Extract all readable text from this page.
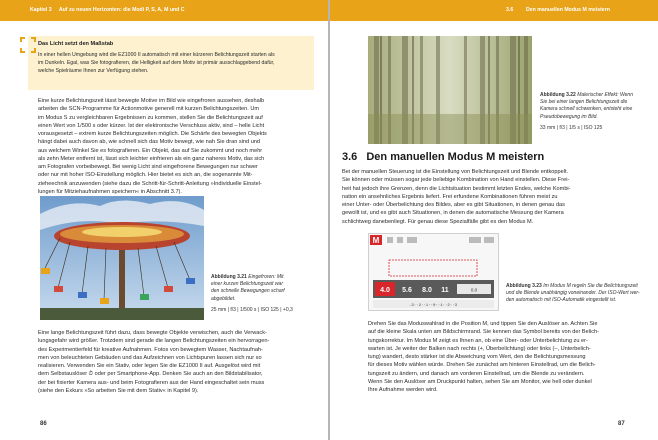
Kapitel 3 Auf zu neuen Horizonten: die Modi P, S, A, M und C
Das Licht setzt den Maßstab
In einer hellen Umgebung wird die EZ1000 II automatisch mit einer kürzeren Belichtungszeit starten als
im Dunkeln. Egal, was Sie fotografieren, die Helligkeit auf dem Motiv ist primär ausschlaggebend dafür,
welche Spielräume Ihnen zur Verfügung stehen.

Eine kurze Belichtungszeit lässt bewegte Motive im Bild wie eingefroren aussehen, deshalb

arbeiten die SCN-Programme für Actionmotive generell mit kurzen Belichtungszeiten. Um

im Modus S zu vergleichbaren Ergebnissen zu kommen, stellen Sie die Belichtungszeit auf

einen Wert von 1/500 s oder kürzer. Ist der elektronische Verschluss aktiv, sind – helle Licht

vorausgesetzt – extrem kurze Belichtungszeiten möglich. Die Schärfe des bewegten Objekts

hängt dabei auch davon ab, wie schnell sich das Motiv bewegt, wie nah Sie dran sind und

aus welchem Winkel Sie es fotografieren. Ein Objekt, das auf Sie zukommt und noch mehr

als zehn Meter entfernt ist, lässt sich leichter einfrieren als ein ganz naheres Motiv, das sich

am Fotografen vorbeibewegt. Bei wenig Licht sind eingefrorene Bewegungen nur schwer

oder nur mit hoher ISO-Einstellung möglich. Hier bietet es sich an, die sogenannte Mit-

zieheechnik anzuwenden (siehe dazu die Schritt-für-Schritt-Anleitung »Individuelle Einstel-

lungen für Mitziehaufnahmen speichern« in Abschnitt 3.7).

Abbildung 3.21 Eingefroren: Mit
einer kurzen Belichtungszeit war
den schnelle Bewegungen scharf
abgebildet.
25 mm | f/3 | 1/500 s | ISO 125 | +0,3

Eine lange Belichtungszeit führt dazu, dass bewegte Objekte verwischen, auch die Verwack-

lungsgefahr wird größer. Trotzdem sind gerade die langen Belichtungszeiten ein hervorragen-

des Experimentierfeld für kreative Aufnahmen. Fotos von bewegtem Wasser, Nachtaufnah-

men von beleuchteten Gebäuden und das Aufzeichnen von Lichtspuren lassen sich nur so

realisieren. Verwenden Sie ein Stativ, oder legen Sie die EZ1000 II auf. Ausgelöst wird mit

dem Selbstauslöser ⏱ oder per Smartphone-App. Denken Sie auch an den Bildstabilisator,

der bei fixierter Kamera aus- und beim Fotografieren aus der Hand eingeschaltet sein muss

(siehe den Exkurs »So arbeiten Sie mit dem Stativ« in Kapitel 9).

86
3.6 Den manuellen Modus M meistern
Abbildung 3.22 Malerischer Effekt: Wenn
Sie bei einer langen Belichtungszeit die
Kamera schnell schwenken, entsteht eine
Pseudobewegung im Bild.
33 mm | f/3 | 1/5 s | ISO 125
3.6 Den manuellen Modus M meistern

Bei der manuellen Steuerung ist die Einstellung von Belichtungszeit und Blende entkoppelt.

Sie können oder müssen sogar jede beliebige Kombination von Hand einstellen. Diese Frei-

heit hat jedoch ihre Grenzen, denn die Lichtsituation bestimmt letzten Endes, welche Kombi-

nation ein ansehnliches Ergebnis liefert. Frei erfundene Kombinationen führen meist zu

einer Unter- oder Überbelichtung des Bildes, aber es gibt Situationen, in denen genau das

gewollt ist, und es gibt auch Situationen, in denen die automatische Messung der Kamera

schlichtweg danebenliegt. Für genau diese Spezialfälle gibt es den Modus M.

M
4.0 5.6 8.0 11	0.0
-3··2··1··0··1··2··3
Abbildung 3.23 Im Modus M regeln Sie die Belichtungszeit
und die Blende unabhängig voneinander. Der ISO-Wert wer-
den automatisch mit ISO-Automatik eingestellt ist.

Drehen Sie das Moduswahlrad in die Position M, und tippen Sie den Auslöser an. Achten Sie

auf die kleine Skala unten am Bildschirmrand. Sie kennen das Symbol bereits von der Belich-

tungskorrektur. Im Modus M zeigt es Ihnen an, ob eine Über- oder Unterbelichtung zu er-

warten ist. Je weiter der Balken nach rechts (+, Überbelichtung) oder links (–, Unterbelich-

tung) wandert, desto stärker ist die Abweichung vom Wert, den die Belichtungsmessung

für dieses Motiv wählen würde. Drehen Sie zunächst am hinteren Einstellrad, um die Belich-

tungszeit zu ändern, und danach am vorderen Einstellrad, um die Blende zu verändern.

Wenn Sie den Auslöser am Druckpunkt halten, sehen Sie am Monitor, wie hell oder dunkel

Ihre Aufnahme werden wird.

87
